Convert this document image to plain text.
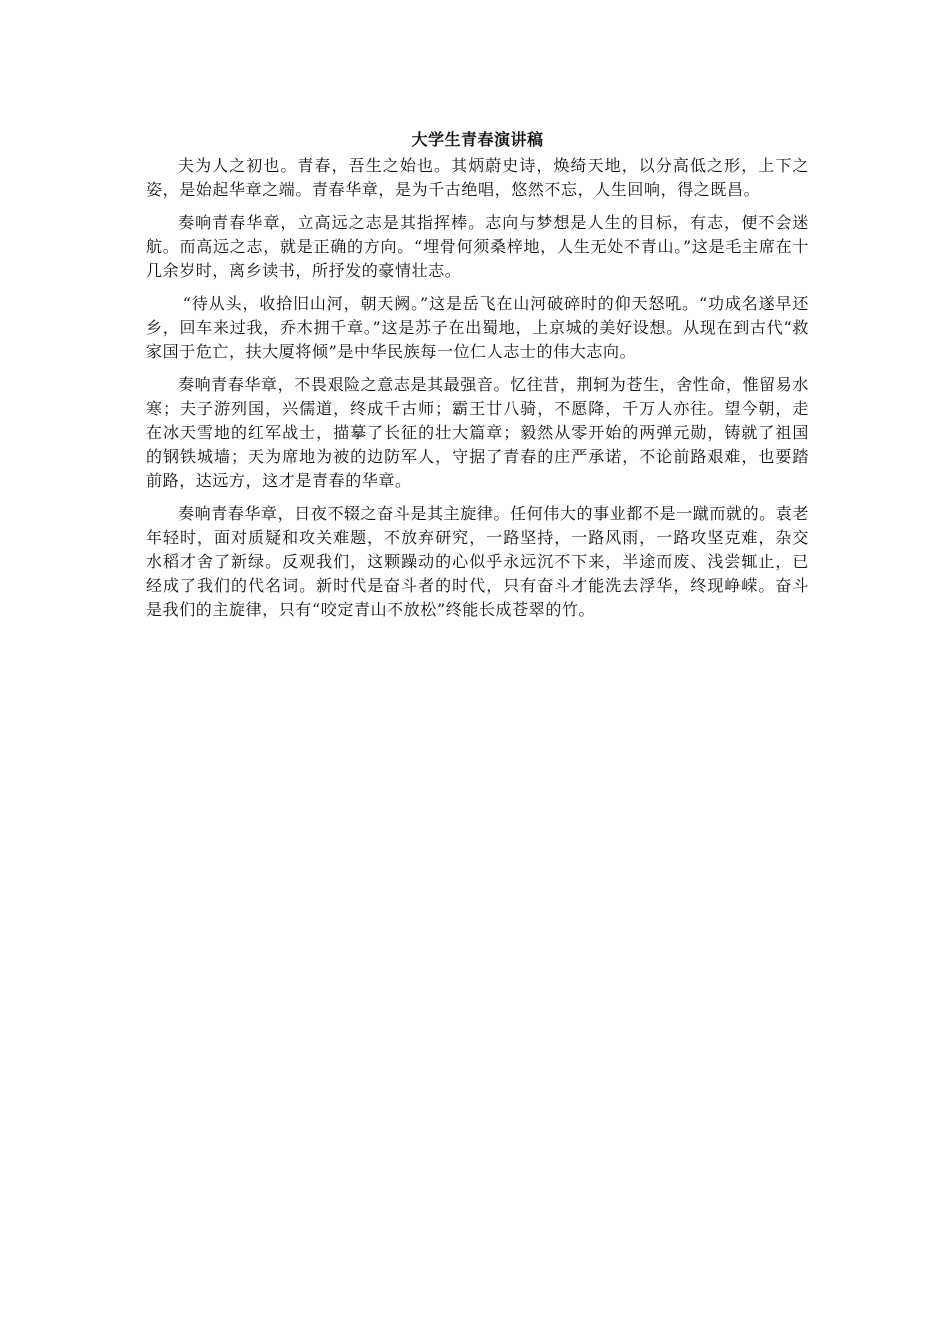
大学生青春演讲稿

夫为人之初也。青春，吾生之始也。其炳蔚史诗，焕绮天地，以分高低之形，上下之姿，是始起华章之端。青春华章，是为千古绝唱，悠然不忘，人生回响，得之既昌。

奏响青春华章，立高远之志是其指挥棒。志向与梦想是人生的目标，有志，便不会迷航。而高远之志，就是正确的方向。“埋骨何须桑梓地，人生无处不青山。”这是毛主席在十几余岁时，离乡读书，所抒发的豪情壮志。

“待从头，收拾旧山河，朝天阙。”这是岳飞在山河破碎时的仰天怒吼。“功成名遂早还乡，回车来过我，乔木拥千章。”这是苏子在出蜀地，上京城的美好设想。从现在到古代“救家国于危亡，扶大厦将倾”是中华民族每一位仁人志士的伟大志向。

奏响青春华章，不畏艰险之意志是其最强音。忆往昔，荆轲为苍生，舍性命，惟留易水寒；夫子游列国，兴儒道，终成千古师；霸王廿八骑，不愿降，千万人亦往。望今朝，走在冰天雪地的红军战士，描摹了长征的壮大篇章；毅然从零开始的两弹元勋，铸就了祖国的钢铁城墙；天为席地为被的边防军人，守据了青春的庄严承诺，不论前路艰难，也要踏前路，达远方，这才是青春的华章。

奏响青春华章，日夜不辍之奋斗是其主旋律。任何伟大的事业都不是一蹴而就的。袁老年轻时，面对质疑和攻关难题，不放弃研究，一路坚持，一路风雨，一路攻坚克难，杂交水稻才舍了新绿。反观我们，这颗躁动的心似乎永远沉不下来，半途而废、浅尝辄止，已经成了我们的代名词。新时代是奋斗者的时代，只有奋斗才能洗去浮华，终现峥嵘。奋斗是我们的主旋律，只有“咬定青山不放松”终能长成苍翠的竹。
